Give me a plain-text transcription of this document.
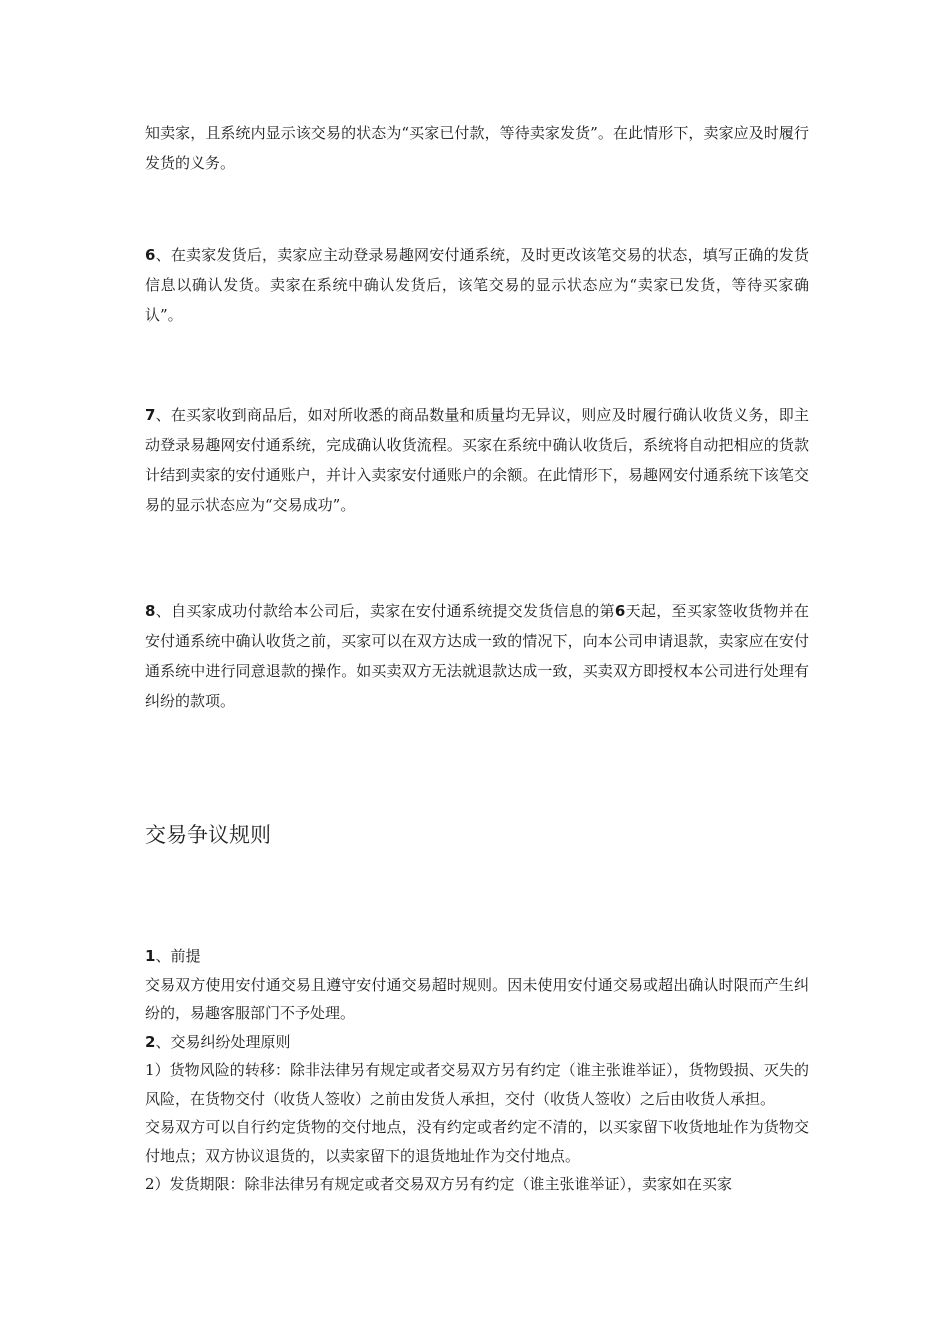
知卖家，且系统内显示该交易的状态为“买家已付款，等待卖家发货”。在此情形下，卖家应及时履行发货的义务。

6、在卖家发货后，卖家应主动登录易趣网安付通系统，及时更改该笔交易的状态，填写正确的发货信息以确认发货。卖家在系统中确认发货后，该笔交易的显示状态应为“卖家已发货，等待买家确认”。

7、在买家收到商品后，如对所收悉的商品数量和质量均无异议，则应及时履行确认收货义务，即主动登录易趣网安付通系统，完成确认收货流程。买家在系统中确认收货后，系统将自动把相应的货款计结到卖家的安付通账户，并计入卖家安付通账户的余额。在此情形下，易趣网安付通系统下该笔交易的显示状态应为“交易成功”。

8、自买家成功付款给本公司后，卖家在安付通系统提交发货信息的第6天起，至买家签收货物并在安付通系统中确认收货之前，买家可以在双方达成一致的情况下，向本公司申请退款，卖家应在安付通系统中进行同意退款的操作。如买卖双方无法就退款达成一致，买卖双方即授权本公司进行处理有纠纷的款项。

交易争议规则

1、前提

交易双方使用安付通交易且遵守安付通交易超时规则。因未使用安付通交易或超出确认时限而产生纠纷的，易趣客服部门不予处理。

2、交易纠纷处理原则

1）货物风险的转移：除非法律另有规定或者交易双方另有约定（谁主张谁举证），货物毁损、灭失的风险，在货物交付（收货人签收）之前由发货人承担，交付（收货人签收）之后由收货人承担。

交易双方可以自行约定货物的交付地点，没有约定或者约定不清的，以买家留下收货地址作为货物交付地点；双方协议退货的，以卖家留下的退货地址作为交付地点。

2）发货期限：除非法律另有规定或者交易双方另有约定（谁主张谁举证），卖家如在买家
